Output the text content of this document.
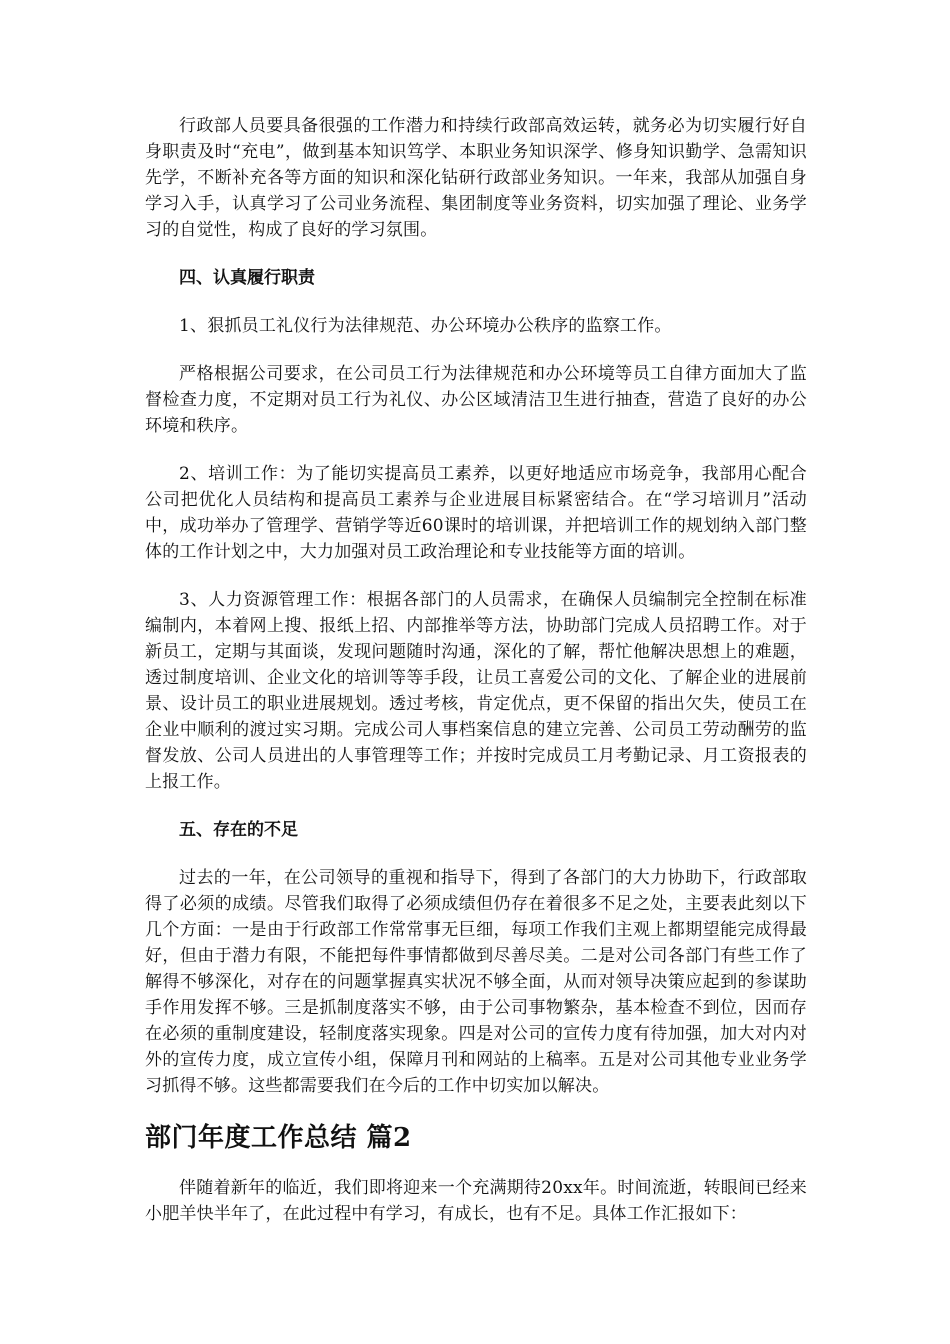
行政部人员要具备很强的工作潜力和持续行政部高效运转，就务必为切实履行好自身职责及时“充电”，做到基本知识笃学、本职业务知识深学、修身知识勤学、急需知识先学，不断补充各等方面的知识和深化钻研行政部业务知识。一年来，我部从加强自身学习入手，认真学习了公司业务流程、集团制度等业务资料，切实加强了理论、业务学习的自觉性，构成了良好的学习氛围。

四、认真履行职责

1、狠抓员工礼仪行为法律规范、办公环境办公秩序的监察工作。

严格根据公司要求，在公司员工行为法律规范和办公环境等员工自律方面加大了监督检查力度，不定期对员工行为礼仪、办公区域清洁卫生进行抽查，营造了良好的办公环境和秩序。

2、培训工作：为了能切实提高员工素养，以更好地适应市场竞争，我部用心配合公司把优化人员结构和提高员工素养与企业进展目标紧密结合。在“学习培训月”活动中，成功举办了管理学、营销学等近60课时的培训课，并把培训工作的规划纳入部门整体的工作计划之中，大力加强对员工政治理论和专业技能等方面的培训。

3、人力资源管理工作：根据各部门的人员需求，在确保人员编制完全控制在标准编制内，本着网上搜、报纸上招、内部推举等方法，协助部门完成人员招聘工作。对于新员工，定期与其面谈，发现问题随时沟通，深化的了解，帮忙他解决思想上的难题，透过制度培训、企业文化的培训等等手段，让员工喜爱公司的文化、了解企业的进展前景、设计员工的职业进展规划。透过考核，肯定优点，更不保留的指出欠失，使员工在企业中顺利的渡过实习期。完成公司人事档案信息的建立完善、公司员工劳动酬劳的监督发放、公司人员进出的人事管理等工作；并按时完成员工月考勤记录、月工资报表的上报工作。

五、存在的不足

过去的一年，在公司领导的重视和指导下，得到了各部门的大力协助下，行政部取得了必须的成绩。尽管我们取得了必须成绩但仍存在着很多不足之处，主要表此刻以下几个方面：一是由于行政部工作常常事无巨细，每项工作我们主观上都期望能完成得最好，但由于潜力有限，不能把每件事情都做到尽善尽美。二是对公司各部门有些工作了解得不够深化，对存在的问题掌握真实状况不够全面，从而对领导决策应起到的参谋助手作用发挥不够。三是抓制度落实不够，由于公司事物繁杂，基本检查不到位，因而存在必须的重制度建设，轻制度落实现象。四是对公司的宣传力度有待加强，加大对内对外的宣传力度，成立宣传小组，保障月刊和网站的上稿率。五是对公司其他专业业务学习抓得不够。这些都需要我们在今后的工作中切实加以解决。

部门年度工作总结 篇2

伴随着新年的临近，我们即将迎来一个充满期待20xx年。时间流逝，转眼间已经来小肥羊快半年了，在此过程中有学习，有成长，也有不足。具体工作汇报如下：
